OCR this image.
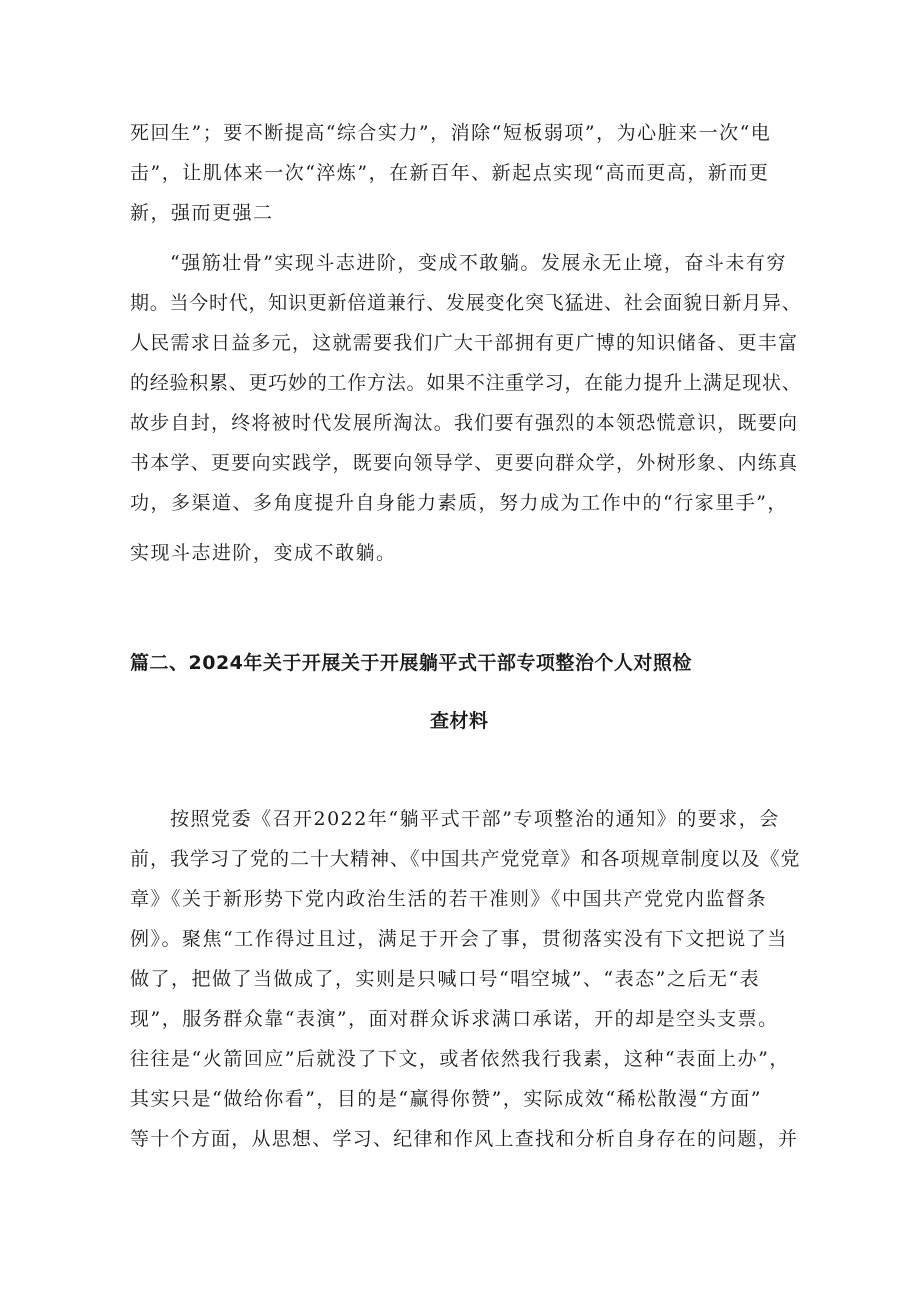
死回生”；要不断提高“综合实力”，消除“短板弱项”，为心脏来一次“电
击”，让肌体来一次“淬炼”，在新百年、新起点实现“高而更高，新而更
新，强而更强二
“强筋壮骨”实现斗志进阶，变成不敢躺。发展永无止境，奋斗未有穷
期。当今时代，知识更新倍道兼行、发展变化突飞猛进、社会面貌日新月异、
人民需求日益多元，这就需要我们广大干部拥有更广博的知识储备、更丰富
的经验积累、更巧妙的工作方法。如果不注重学习，在能力提升上满足现状、
故步自封，终将被时代发展所淘汰。我们要有强烈的本领恐慌意识，既要向
书本学、更要向实践学，既要向领导学、更要向群众学，外树形象、内练真
功，多渠道、多角度提升自身能力素质，努力成为工作中的“行家里手”，
实现斗志进阶，变成不敢躺。
篇二、2024年关于开展关于开展躺平式干部专项整治个人对照检
查材料
按照党委《召开2022年“躺平式干部”专项整治的通知》的要求，会
前，我学习了党的二十大精神、《中国共产党党章》和各项规章制度以及《党
章》《关于新形势下党内政治生活的若干准则》《中国共产党党内监督条
例》。聚焦“工作得过且过，满足于开会了事，贯彻落实没有下文把说了当
做了，把做了当做成了，实则是只喊口号“唱空城”、“表态”之后无“表
现”，服务群众靠“表演”，面对群众诉求满口承诺，开的却是空头支票。
往往是“火箭回应”后就没了下文，或者依然我行我素，这种“表面上办”，
其实只是“做给你看”，目的是“赢得你赞”，实际成效“稀松散漫“方面”
等十个方面，从思想、学习、纪律和作风上查找和分析自身存在的问题，并
